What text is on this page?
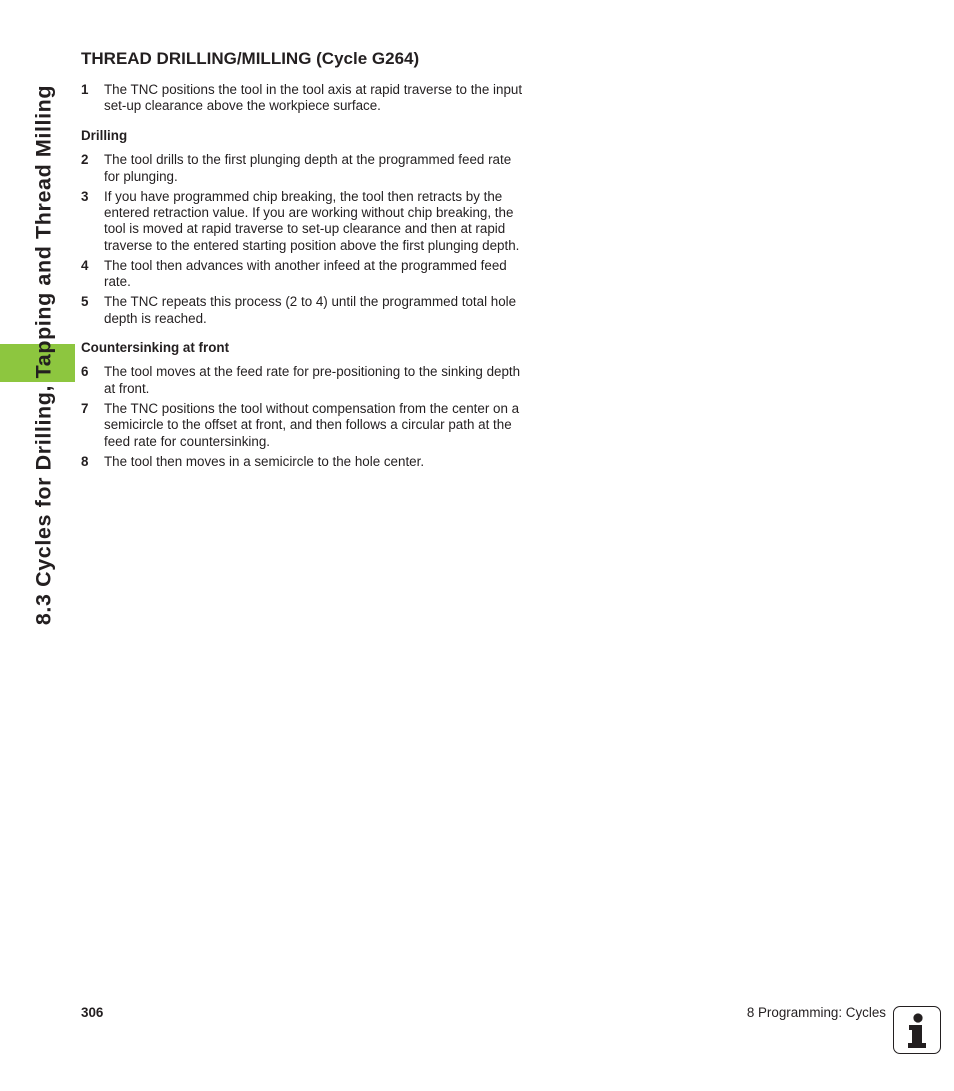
8.3 Cycles for Drilling, Tapping and Thread Milling
THREAD DRILLING/MILLING (Cycle G264)
1	The TNC positions the tool in the tool axis at rapid traverse to the input set-up clearance above the workpiece surface.
Drilling
2	The tool drills to the first plunging depth at the programmed feed rate for plunging.
3	If you have programmed chip breaking, the tool then retracts by the entered retraction value. If you are working without chip breaking, the tool is moved at rapid traverse to set-up clearance and then at rapid traverse to the entered starting position above the first plunging depth.
4	The tool then advances with another infeed at the programmed feed rate.
5	The TNC repeats this process (2 to 4) until the programmed total hole depth is reached.
Countersinking at front
6	The tool moves at the feed rate for pre-positioning to the sinking depth at front.
7	The TNC positions the tool without compensation from the center on a semicircle to the offset at front, and then follows a circular path at the feed rate for countersinking.
8	The tool then moves in a semicircle to the hole center.
306	8 Programming: Cycles
